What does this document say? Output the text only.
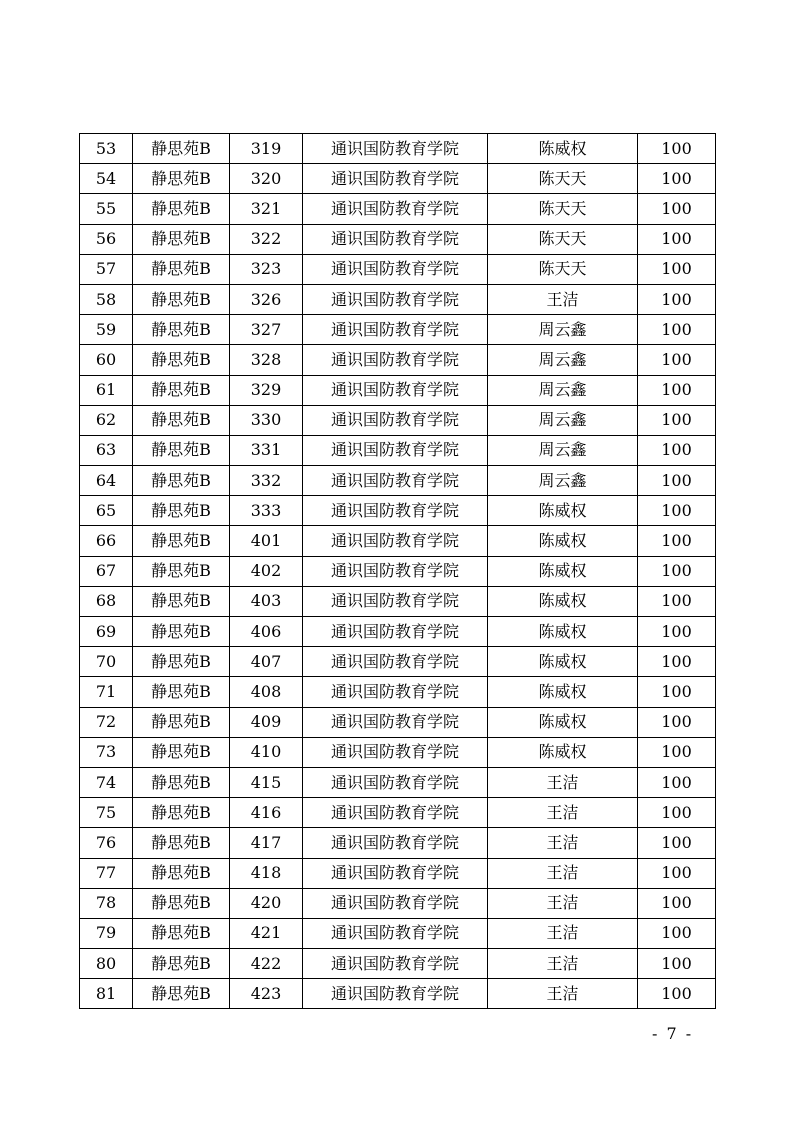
53	静思苑B	319	通识国防教育学院	陈威权	100
54	静思苑B	320	通识国防教育学院	陈天天	100
55	静思苑B	321	通识国防教育学院	陈天天	100
56	静思苑B	322	通识国防教育学院	陈天天	100
57	静思苑B	323	通识国防教育学院	陈天天	100
58	静思苑B	326	通识国防教育学院	王洁	100
59	静思苑B	327	通识国防教育学院	周云鑫	100
60	静思苑B	328	通识国防教育学院	周云鑫	100
61	静思苑B	329	通识国防教育学院	周云鑫	100
62	静思苑B	330	通识国防教育学院	周云鑫	100
63	静思苑B	331	通识国防教育学院	周云鑫	100
64	静思苑B	332	通识国防教育学院	周云鑫	100
65	静思苑B	333	通识国防教育学院	陈威权	100
66	静思苑B	401	通识国防教育学院	陈威权	100
67	静思苑B	402	通识国防教育学院	陈威权	100
68	静思苑B	403	通识国防教育学院	陈威权	100
69	静思苑B	406	通识国防教育学院	陈威权	100
70	静思苑B	407	通识国防教育学院	陈威权	100
71	静思苑B	408	通识国防教育学院	陈威权	100
72	静思苑B	409	通识国防教育学院	陈威权	100
73	静思苑B	410	通识国防教育学院	陈威权	100
74	静思苑B	415	通识国防教育学院	王洁	100
75	静思苑B	416	通识国防教育学院	王洁	100
76	静思苑B	417	通识国防教育学院	王洁	100
77	静思苑B	418	通识国防教育学院	王洁	100
78	静思苑B	420	通识国防教育学院	王洁	100
79	静思苑B	421	通识国防教育学院	王洁	100
80	静思苑B	422	通识国防教育学院	王洁	100
81	静思苑B	423	通识国防教育学院	王洁	100
- 7 -
